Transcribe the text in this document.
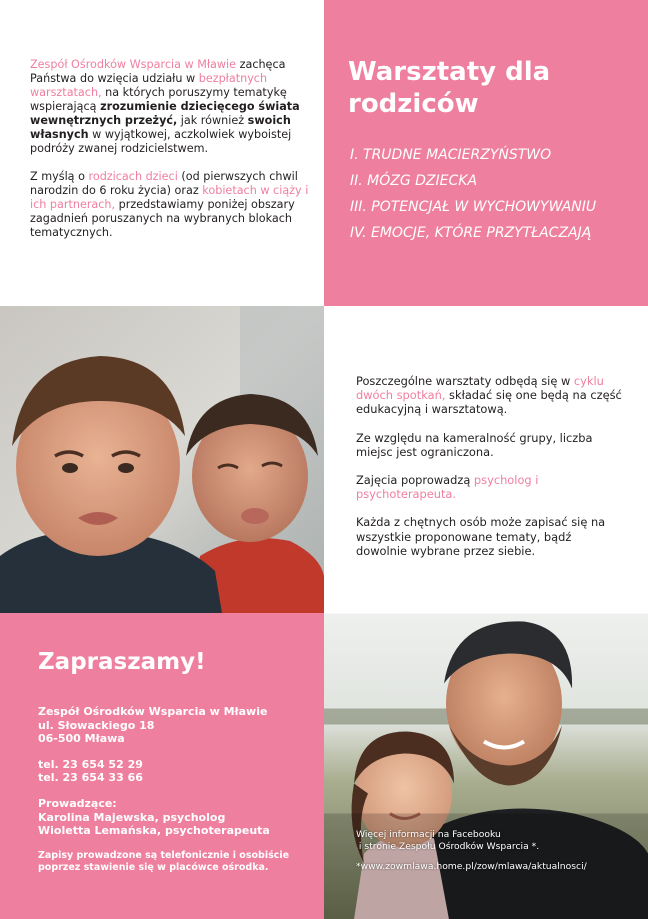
Zespół Ośrodków Wsparcia w Mławie zachęca Państwa do wzięcia udziału w bezpłatnych warsztatach, na których poruszymy tematykę wspierającą zrozumienie dziecięcego świata wewnętrznych przeżyć, jak również swoich własnych w wyjątkowej, aczkolwiek wyboistej podróży zwanej rodzicielstwem.

Z myślą o rodzicach dzieci (od pierwszych chwil narodzin do 6 roku życia) oraz kobietach w ciąży i ich partnerach, przedstawiamy poniżej obszary zagadnień poruszanych na wybranych blokach tematycznych.

Warsztaty dla
rodziców
I. TRUDNE MACIERZYŃSTWO
II. MÓZG DZIECKA
III. POTENCJAŁ W WYCHOWYWANIU
IV. EMOCJE, KTÓRE PRZYTŁACZAJĄ

Poszczególne warsztaty odbędą się w cyklu dwóch spotkań, składać się one będą na część edukacyjną i warsztatową.

Ze względu na kameralność grupy, liczba miejsc jest ograniczona.

Zajęcia poprowadzą psycholog i psychoterapeuta.

Każda z chętnych osób może zapisać się na wszystkie proponowane tematy, bądź dowolnie wybrane przez siebie.

Zapraszamy!

Zespół Ośrodków Wsparcia w Mławie
ul. Słowackiego 18
06-500 Mława

tel. 23 654 52 29
tel. 23 654 33 66

Prowadzące:
Karolina Majewska, psycholog
Wioletta Lemańska, psychoterapeuta

Zapisy prowadzone są telefonicznie i osobiście poprzez stawienie się w placówce ośrodka.

Więcej informacji na Facebooku
i stronie Zespołu Ośrodków Wsparcia *.
*www.zowmlawa.home.pl/zow/mlawa/aktualnosci/
